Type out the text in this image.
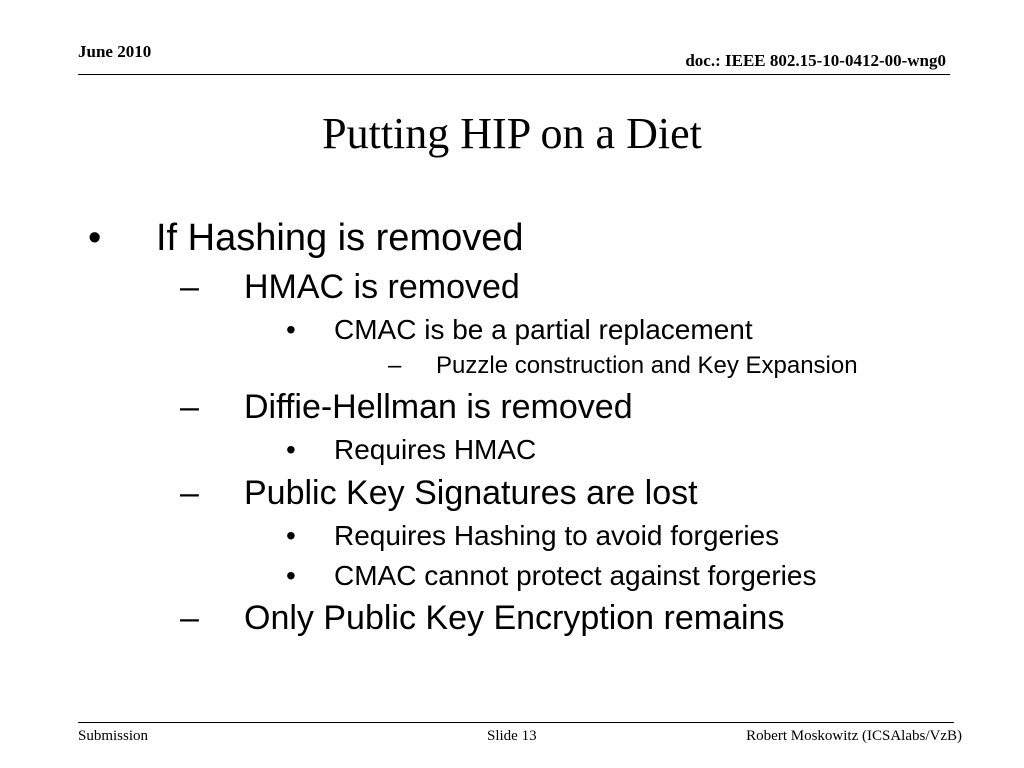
June 2010	doc.: IEEE 802.15-10-0412-00-wng0
Putting HIP on a Diet
• If Hashing is removed
– HMAC is removed
• CMAC is be a partial replacement
– Puzzle construction and Key Expansion
– Diffie-Hellman is removed
• Requires HMAC
– Public Key Signatures are lost
• Requires Hashing to avoid forgeries
• CMAC cannot protect against forgeries
– Only Public Key Encryption remains
Submission	Slide 13	Robert Moskowitz (ICSAlabs/VzB)
